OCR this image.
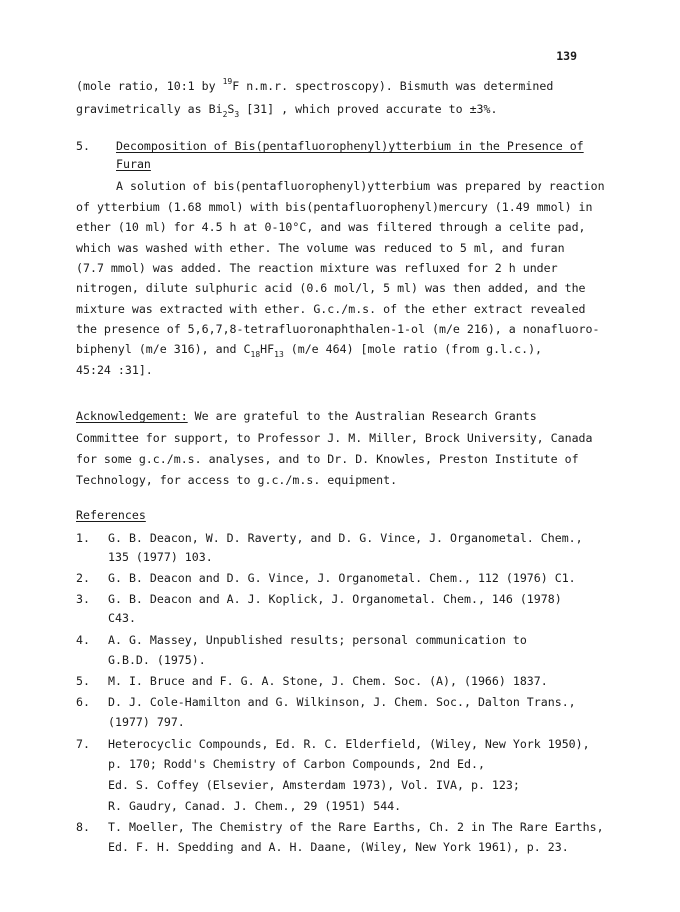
139
(mole ratio, 10:1 by $^{19}$F n.m.r. spectroscopy). Bismuth was determined
gravimetrically as $Bi_2S_3$ [31] , which proved accurate to ±3%.
5. Decomposition of Bis(pentafluorophenyl)ytterbium in the Presence of
Furan
A solution of bis(pentafluorophenyl)ytterbium was prepared by reaction
of ytterbium (1.68 mmol) with bis(pentafluorophenyl)mercury (1.49 mmol) in
ether (10 ml) for 4.5 h at 0-10°C, and was filtered through a celite pad,
which was washed with ether. The volume was reduced to 5 ml, and furan
(7.7 mmol) was added. The reaction mixture was refluxed for 2 h under
nitrogen, dilute sulphuric acid (0.6 mol/l, 5 ml) was then added, and the
mixture was extracted with ether. G.c./m.s. of the ether extract revealed
the presence of 5,6,7,8-tetrafluoronaphthalen-1-ol (m/e 216), a nonafluoro-
biphenyl (m/e 316), and $C_{18}HF_{13}$ (m/e 464) [mole ratio (from g.l.c.),
45:24 :31].
Acknowledgement: We are grateful to the Australian Research Grants
Committee for support, to Professor J. M. Miller, Brock University, Canada
for some g.c./m.s. analyses, and to Dr. D. Knowles, Preston Institute of
Technology, for access to g.c./m.s. equipment.
References
1. G. B. Deacon, W. D. Raverty, and D. G. Vince, J. Organometal. Chem.,
135 (1977) 103.
2. G. B. Deacon and D. G. Vince, J. Organometal. Chem., 112 (1976) C1.
3. G. B. Deacon and A. J. Koplick, J. Organometal. Chem., 146 (1978)
C43.
4. A. G. Massey, Unpublished results; personal communication to
G.B.D. (1975).
5. M. I. Bruce and F. G. A. Stone, J. Chem. Soc. (A), (1966) 1837.
6. D. J. Cole-Hamilton and G. Wilkinson, J. Chem. Soc., Dalton Trans.,
(1977) 797.
7. Heterocyclic Compounds, Ed. R. C. Elderfield, (Wiley, New York 1950),
p. 170; Rodd's Chemistry of Carbon Compounds, 2nd Ed.,
Ed. S. Coffey (Elsevier, Amsterdam 1973), Vol. IVA, p. 123;
R. Gaudry, Canad. J. Chem., 29 (1951) 544.
8. T. Moeller, The Chemistry of the Rare Earths, Ch. 2 in The Rare Earths,
Ed. F. H. Spedding and A. H. Daane, (Wiley, New York 1961), p. 23.
